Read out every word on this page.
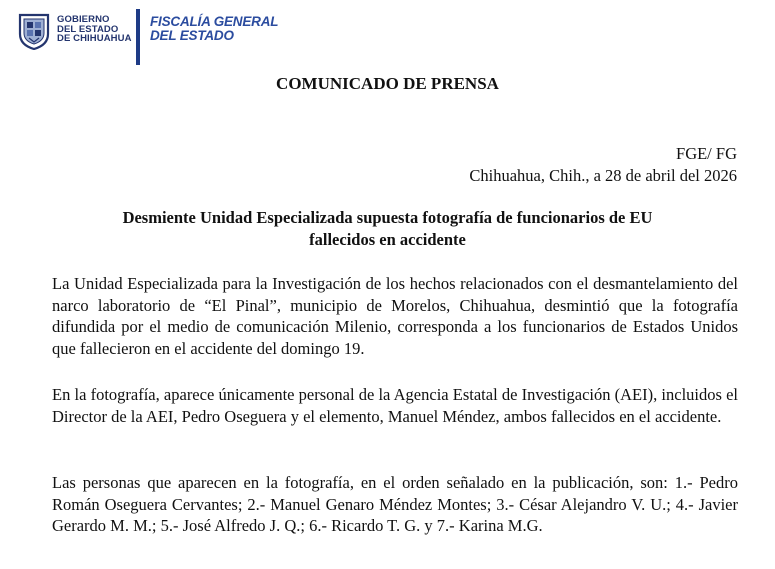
GOBIERNO
DEL ESTADO
DE CHIHUAHUA
FISCALÍA GENERAL
DEL ESTADO
COMUNICADO DE PRENSA
FGE/ FG
Chihuahua, Chih., a 28 de abril del 2026
Desmiente Unidad Especializada supuesta fotografía de funcionarios de EU
fallecidos en accidente

La Unidad Especializada para la Investigación de los hechos relacionados con el desmantelamiento del narco laboratorio de “El Pinal”, municipio de Morelos, Chihuahua, desmintió que la fotografía difundida por el medio de comunicación Milenio, corresponda a los funcionarios de Estados Unidos que fallecieron en el accidente del domingo 19.

En la fotografía, aparece únicamente personal de la Agencia Estatal de Investigación (AEI), incluidos el Director de la AEI, Pedro Oseguera y el elemento, Manuel Méndez, ambos fallecidos en el accidente.

Las personas que aparecen en la fotografía, en el orden señalado en la publicación, son: 1.- Pedro Román Oseguera Cervantes; 2.- Manuel Genaro Méndez Montes; 3.- César Alejandro V. U.; 4.- Javier Gerardo M. M.; 5.- José Alfredo J. Q.; 6.- Ricardo T. G. y 7.- Karina M.G.
